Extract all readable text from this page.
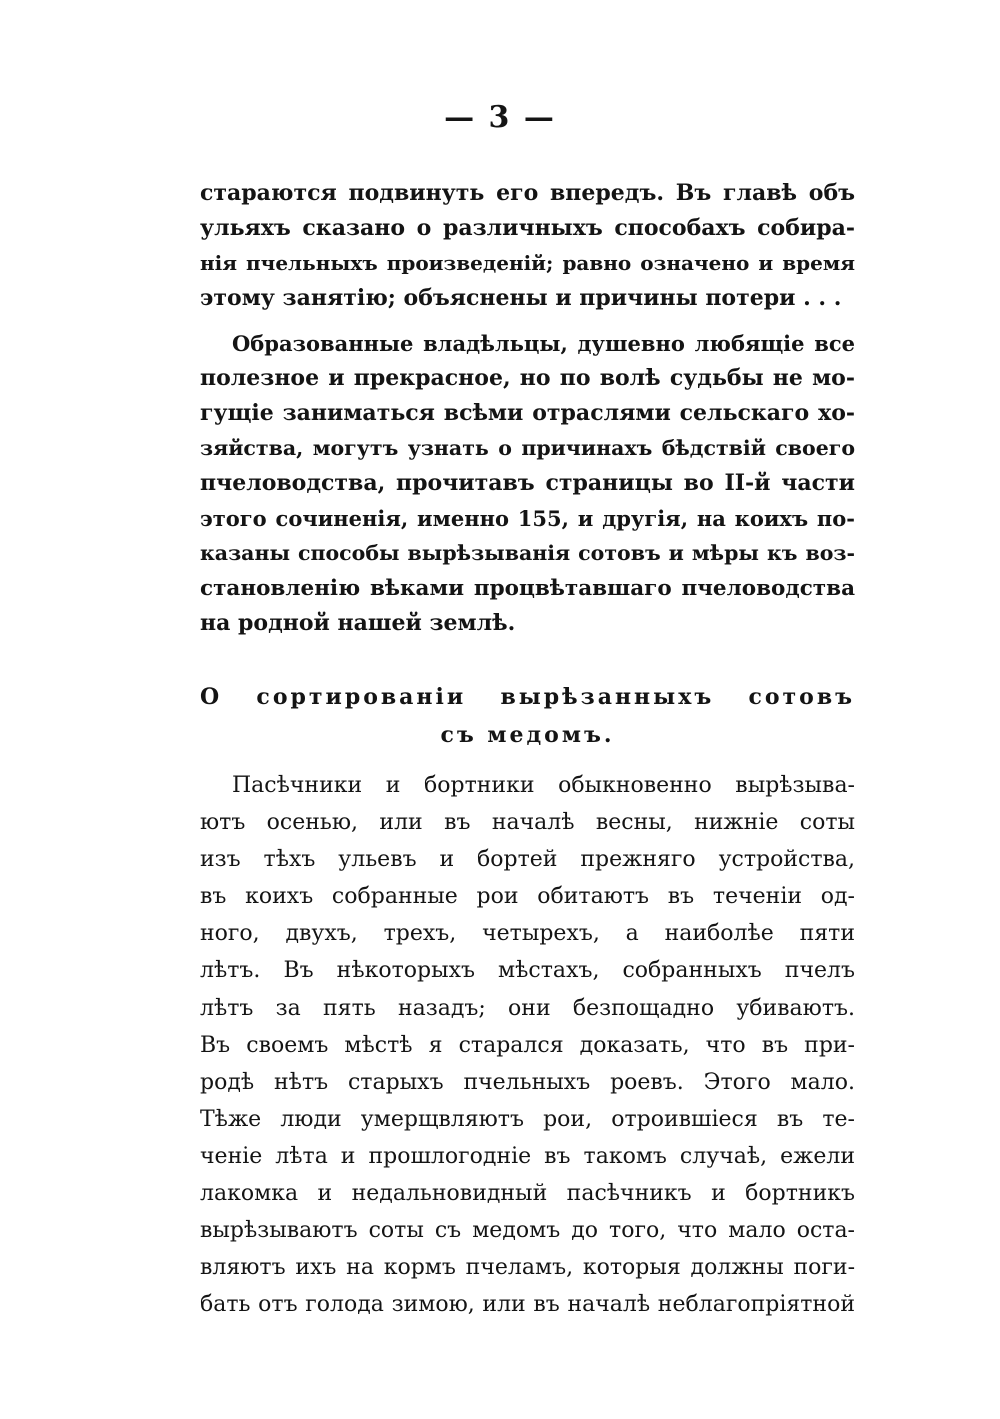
— 3 —
стараются подвинуть его впередъ. Въ главѣ объ
ульяхъ сказано о различныхъ способахъ собира-
нія пчельныхъ произведеній; равно означено и время
этому занятію; объяснены и причины потери . . .
Образованные владѣльцы, душевно любящіе все
полезное и прекрасное, но по волѣ судьбы не мо-
гущіе заниматься всѣми отраслями сельскаго хо-
зяйства, могутъ узнать о причинахъ бѣдствій своего
пчеловодства, прочитавъ страницы во II-й части
этого сочиненія, именно 155, и другія, на коихъ по-
казаны способы вырѣзыванія сотовъ и мѣры къ воз-
становленію вѣками процвѣтавшаго пчеловодства
на родной нашей землѣ.
О сортированіи вырѣзанныхъ сотовъ
съ медомъ.
Пасѣчники и бортники обыкновенно вырѣзыва-
ютъ осенью, или въ началѣ весны, нижніе соты
изъ тѣхъ ульевъ и бортей прежняго устройства,
въ коихъ собранные рои обитаютъ въ теченіи од-
ного, двухъ, трехъ, четырехъ, а наиболѣе пяти
лѣтъ. Въ нѣкоторыхъ мѣстахъ, собранныхъ пчелъ
лѣтъ за пять назадъ; они безпощадно убиваютъ.
Въ своемъ мѣстѣ я старался доказать, что въ при-
родѣ нѣтъ старыхъ пчельныхъ роевъ. Этого мало.
Тѣже люди умерщвляютъ рои, отроившіеся въ те-
ченіе лѣта и прошлогодніе въ такомъ случаѣ, ежели
лакомка и недальновидный пасѣчникъ и бортникъ
вырѣзываютъ соты съ медомъ до того, что мало оста-
вляютъ ихъ на кормъ пчеламъ, которыя должны поги-
бать отъ голода зимою, или въ началѣ неблагопріятной
